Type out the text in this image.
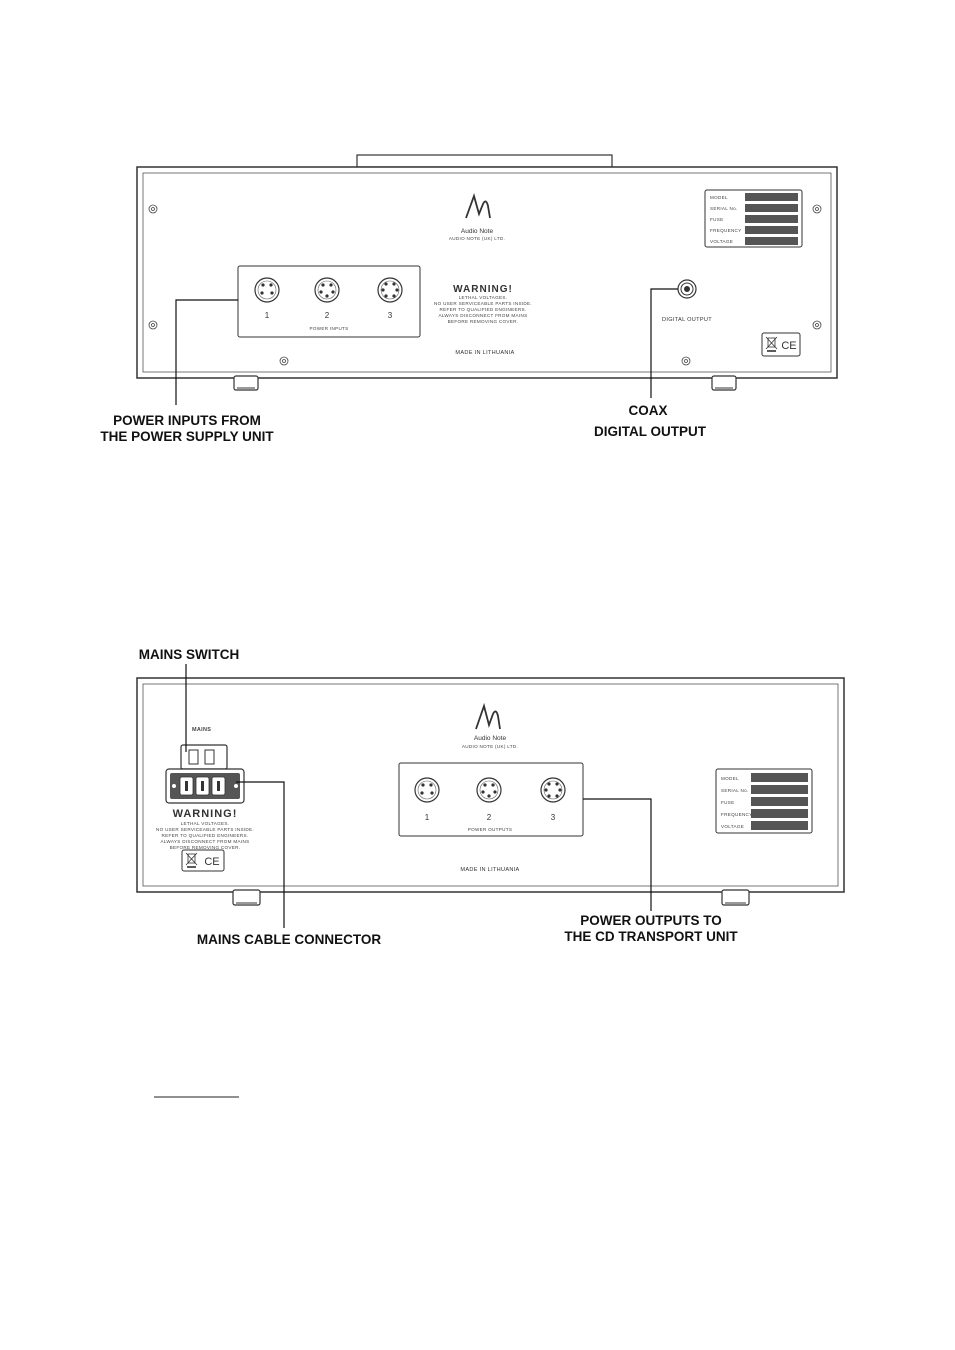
Audio Note
AUDIO NOTE (UK) LTD.
MODEL
SERIAL No.
FUSE
FREQUENCY
VOLTAGE
1	2	3
POWER INPUTS
WARNING!
LETHAL VOLTAGES.
NO USER SERVICEABLE PARTS INSIDE.
REFER TO QUALIFIED ENGINEERS.
ALWAYS DISCONNECT FROM MAINS
BEFORE REMOVING COVER.	DIGITAL OUTPUT
MADE IN LITHUANIA
CE
POWER INPUTS FROM
THE POWER SUPPLY UNIT
COAX
DIGITAL OUTPUT
Audio Note
AUDIO NOTE (UK) LTD.
MAINS
WARNING!
LETHAL VOLTAGES.
NO USER SERVICEABLE PARTS INSIDE.
REFER TO QUALIFIED ENGINEERS.
ALWAYS DISCONNECT FROM MAINS
BEFORE REMOVING COVER.
CE
1	2	3
POWER OUTPUTS
MODEL
SERIAL No.
FUSE
FREQUENCY
VOLTAGE
MADE IN LITHUANIA
MAINS SWITCH
MAINS CABLE CONNECTOR
POWER OUTPUTS TO
THE CD TRANSPORT UNIT
